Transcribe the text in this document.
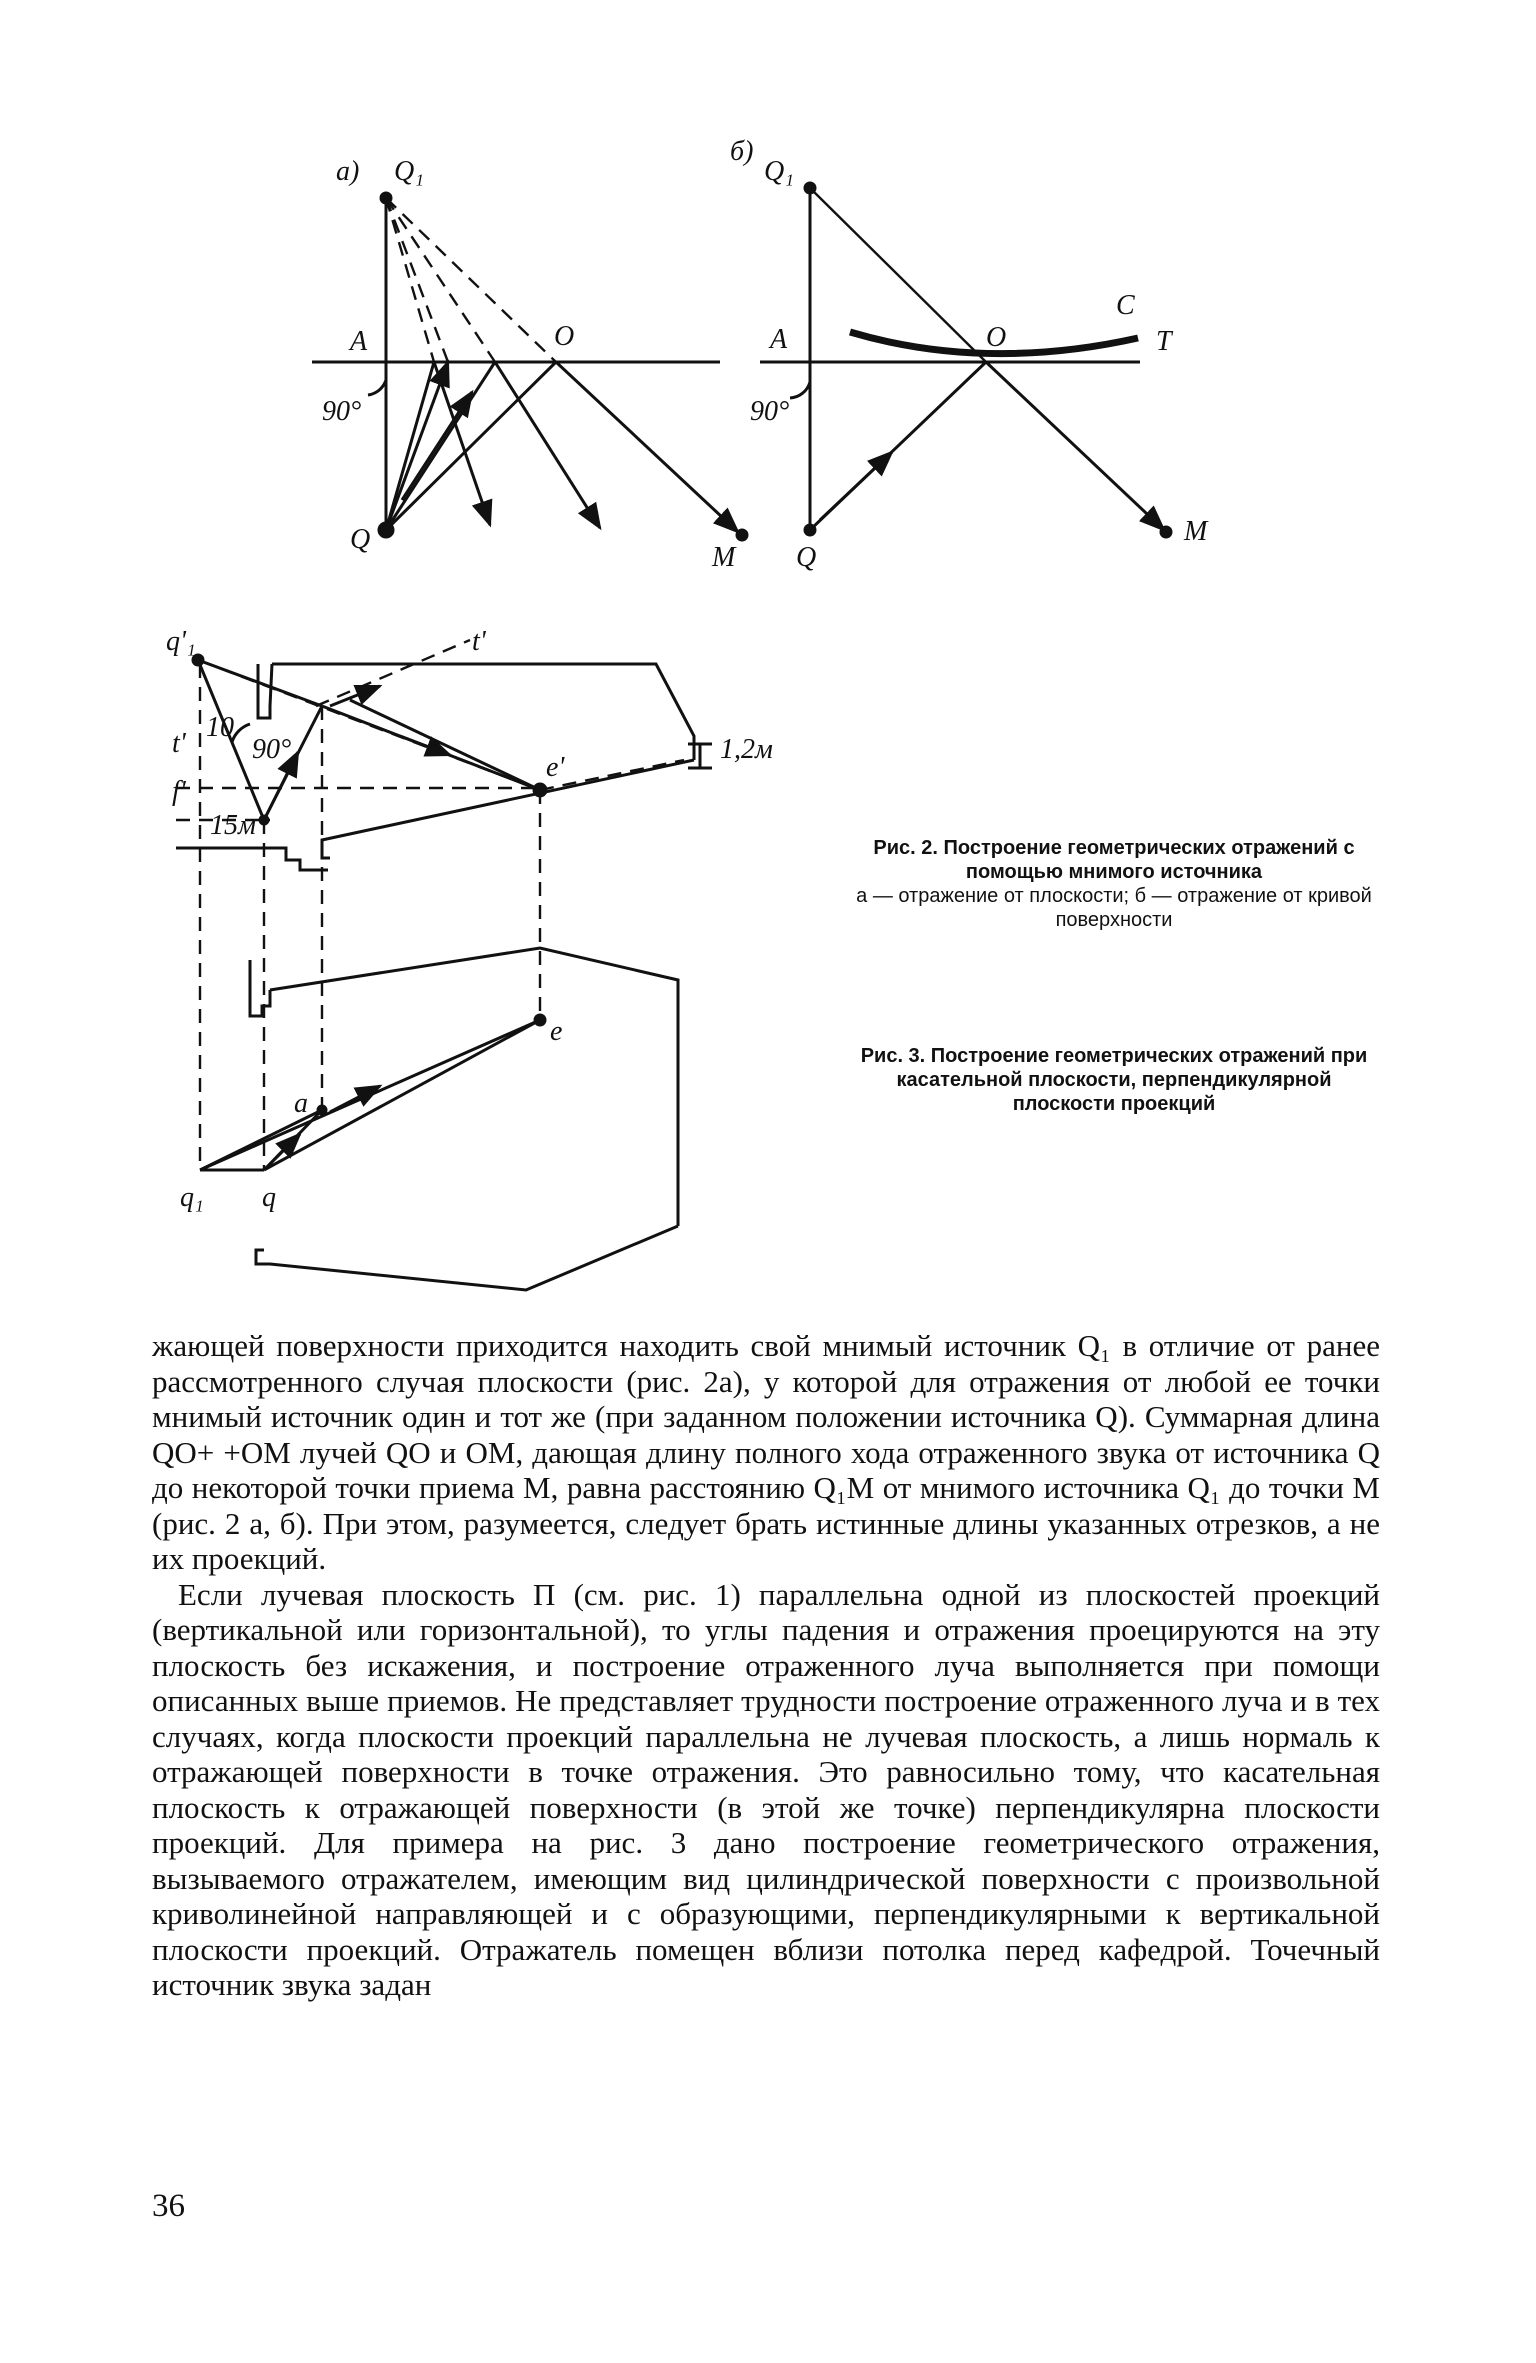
а) Q₁
A	O
90°
Q
M
б)
Q₁
A	O
C
T
90°
Q
M
q'₁	t'
t'
10
90°
f'
15м
e'
1,2м
e
a
q₁ q
Рис. 2. Построение геометрических отражений с помощью мнимого источника
а — отражение от плоскости; б — отражение от кривой поверхности
Рис. 3. Построение геометрических отражений при касательной плоскости, перпендикулярной плоскости проекций

жающей поверхности приходится находить свой мнимый источник Q₁ в отличие от ранее рассмотренного случая плоскости (рис. 2а), у которой для отражения от любой ее точки мнимый источник один и тот же (при заданном положении источника Q). Суммарная длина QO+ +OM лучей QO и OM, дающая длину полного хода отраженного звука от источника Q до некоторой точки приема M, равна расстоянию Q₁M от мнимого источника Q₁ до точки M (рис. 2 а, б). При этом, разумеется, следует брать истинные длины указанных отрезков, а не их проекций.

Если лучевая плоскость П (см. рис. 1) параллельна одной из плоскостей проекций (вертикальной или горизонтальной), то углы падения и отражения проецируются на эту плоскость без искажения, и построение отраженного луча выполняется при помощи описанных выше приемов. Не представляет трудности построение отраженного луча и в тех случаях, когда плоскости проекций параллельна не лучевая плоскость, а лишь нормаль к отражающей поверхности в точке отражения. Это равносильно тому, что касательная плоскость к отражающей поверхности (в этой же точке) перпендикулярна плоскости проекций. Для примера на рис. 3 дано построение геометрического отражения, вызываемого отражателем, имеющим вид цилиндрической поверхности с произвольной криволинейной направляющей и с образующими, перпендикулярными к вертикальной плоскости проекций. Отражатель помещен вблизи потолка перед кафедрой. Точечный источник звука задан

36
